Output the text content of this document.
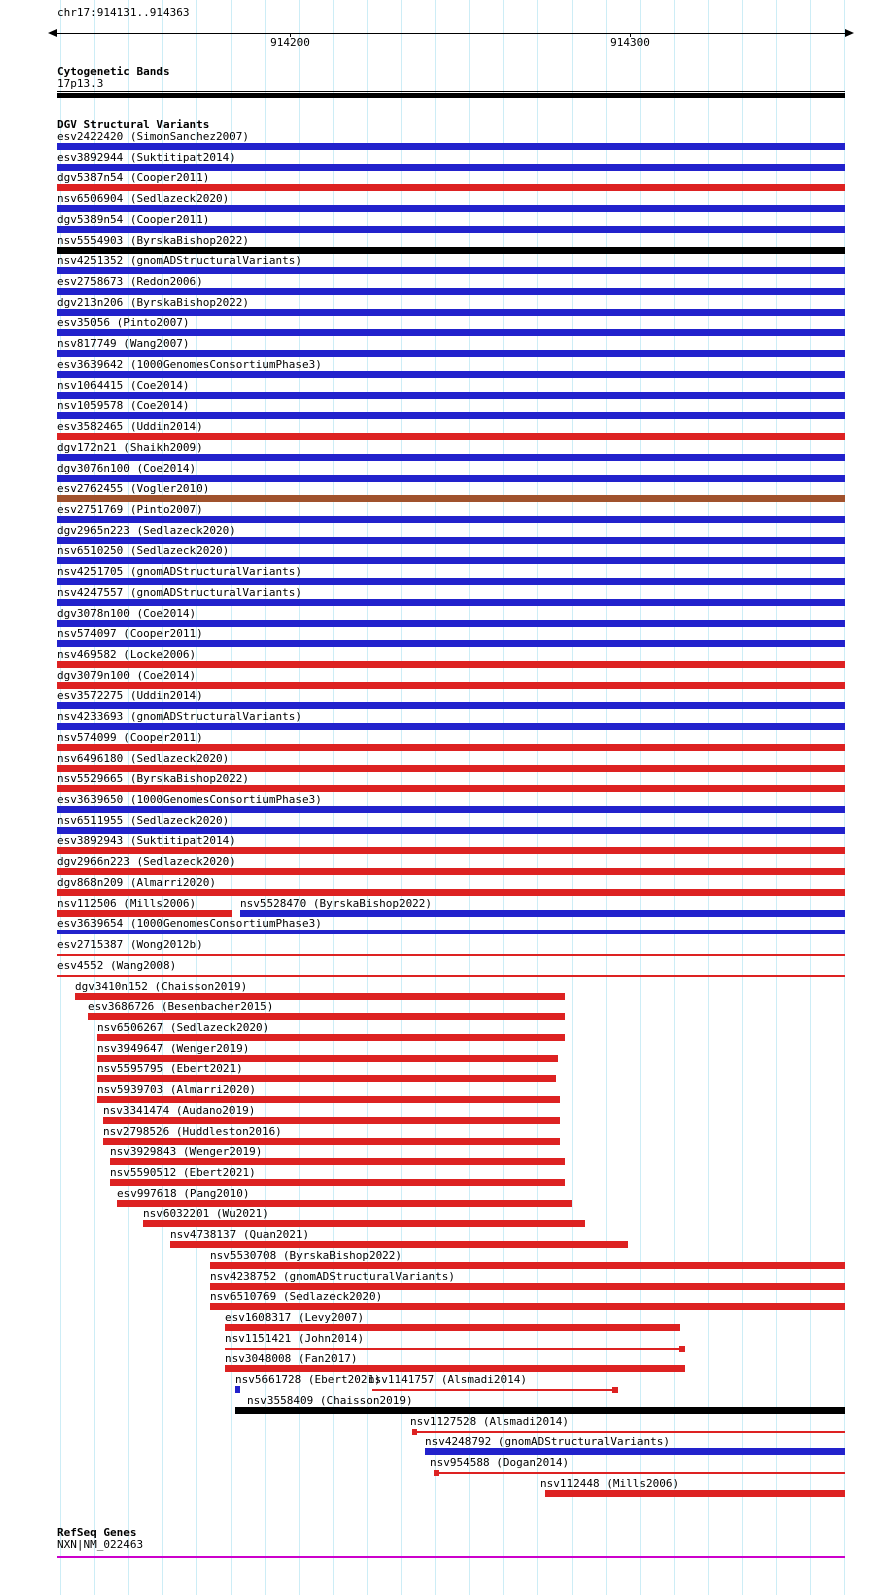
chr17:914131..914363
914200	914300
Cytogenetic Bands
17p13.3
DGV Structural Variants
esv2422420 (SimonSanchez2007)
esv3892944 (Suktitipat2014)
dgv5387n54 (Cooper2011)
nsv6506904 (Sedlazeck2020)
dgv5389n54 (Cooper2011)
nsv5554903 (ByrskaBishop2022)
nsv4251352 (gnomADStructuralVariants)
esv2758673 (Redon2006)
dgv213n206 (ByrskaBishop2022)
esv35056 (Pinto2007)
nsv817749 (Wang2007)
esv3639642 (1000GenomesConsortiumPhase3)
nsv1064415 (Coe2014)
nsv1059578 (Coe2014)
esv3582465 (Uddin2014)
dgv172n21 (Shaikh2009)
dgv3076n100 (Coe2014)
esv2762455 (Vogler2010)
esv2751769 (Pinto2007)
dgv2965n223 (Sedlazeck2020)
nsv6510250 (Sedlazeck2020)
nsv4251705 (gnomADStructuralVariants)
nsv4247557 (gnomADStructuralVariants)
dgv3078n100 (Coe2014)
nsv574097 (Cooper2011)
nsv469582 (Locke2006)
dgv3079n100 (Coe2014)
esv3572275 (Uddin2014)
nsv4233693 (gnomADStructuralVariants)
nsv574099 (Cooper2011)
nsv6496180 (Sedlazeck2020)
nsv5529665 (ByrskaBishop2022)
esv3639650 (1000GenomesConsortiumPhase3)
nsv6511955 (Sedlazeck2020)
esv3892943 (Suktitipat2014)
dgv2966n223 (Sedlazeck2020)
dgv868n209 (Almarri2020)
nsv112506 (Mills2006)	nsv5528470 (ByrskaBishop2022)
esv3639654 (1000GenomesConsortiumPhase3)
esv2715387 (Wong2012b)
esv4552 (Wang2008)
dgv3410n152 (Chaisson2019)
esv3686726 (Besenbacher2015)
nsv6506267 (Sedlazeck2020)
nsv3949647 (Wenger2019)
nsv5595795 (Ebert2021)
nsv5939703 (Almarri2020)
nsv3341474 (Audano2019)
nsv2798526 (Huddleston2016)
nsv3929843 (Wenger2019)
nsv5590512 (Ebert2021)
esv997618 (Pang2010)
nsv6032201 (Wu2021)
nsv4738137 (Quan2021)
nsv5530708 (ByrskaBishop2022)
nsv4238752 (gnomADStructuralVariants)
nsv6510769 (Sedlazeck2020)
esv1608317 (Levy2007)
nsv1151421 (John2014)
nsv3048008 (Fan2017)
nsv5661728 (Ebert2021)
nsv1141757 (Alsmadi2014)
nsv3558409 (Chaisson2019)
nsv1127528 (Alsmadi2014)
nsv4248792 (gnomADStructuralVariants)
nsv954588 (Dogan2014)
nsv112448 (Mills2006)
RefSeq Genes
NXN|NM_022463
